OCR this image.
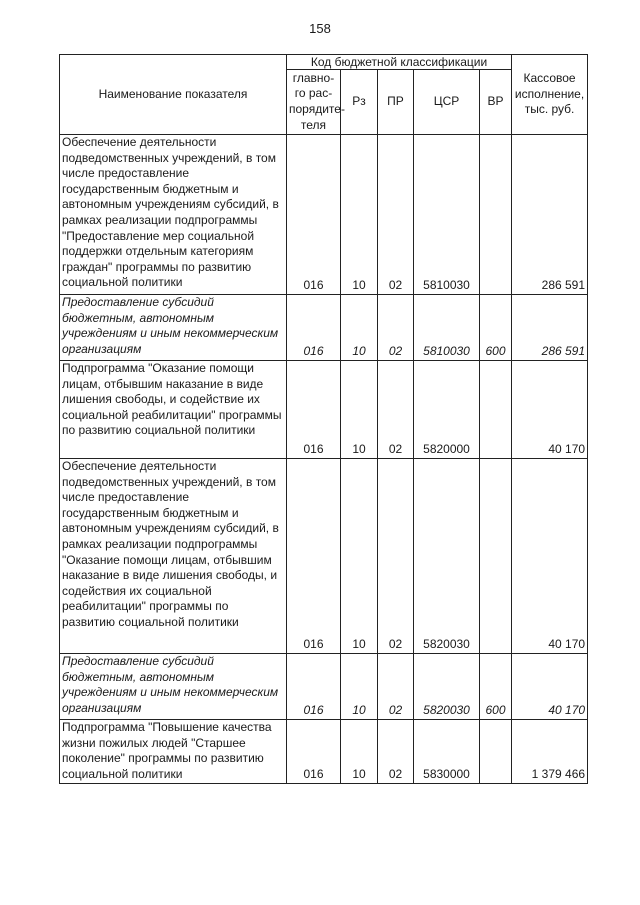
158
Наименование показателя	Код бюджетной классификации					Кассовое исполнение, тыс. руб.
	главно-
го рас-
порядите-
теля	Рз	ПР	ЦСР	ВР	
Обеспечение деятельности подведомственных учреждений, в том числе предоставление государственным бюджетным и автономным учреждениям субсидий, в рамках реализации подпрограммы "Предоставление мер социальной поддержки отдельным категориям граждан" программы по развитию социальной политики	016	10	02	5810030		286 591
Предоставление субсидий бюджетным, автономным учреждениям и иным некоммерческим организациям	016	10	02	5810030	600	286 591
Подпрограмма "Оказание помощи лицам, отбывшим наказание в виде лишения свободы, и содействие их социальной реабилитации" программы по развитию социальной политики	016	10	02	5820000		40 170
Обеспечение деятельности подведомственных учреждений, в том числе предоставление государственным бюджетным и автономным учреждениям субсидий, в рамках реализации подпрограммы "Оказание помощи лицам, отбывшим наказание в виде лишения свободы, и содействия их социальной реабилитации" программы по развитию социальной политики	016	10	02	5820030		40 170
Предоставление субсидий бюджетным, автономным учреждениям и иным некоммерческим организациям	016	10	02	5820030	600	40 170
Подпрограмма "Повышение качества жизни пожилых людей "Старшее поколение" программы по развитию социальной политики	016	10	02	5830000		1 379 466
